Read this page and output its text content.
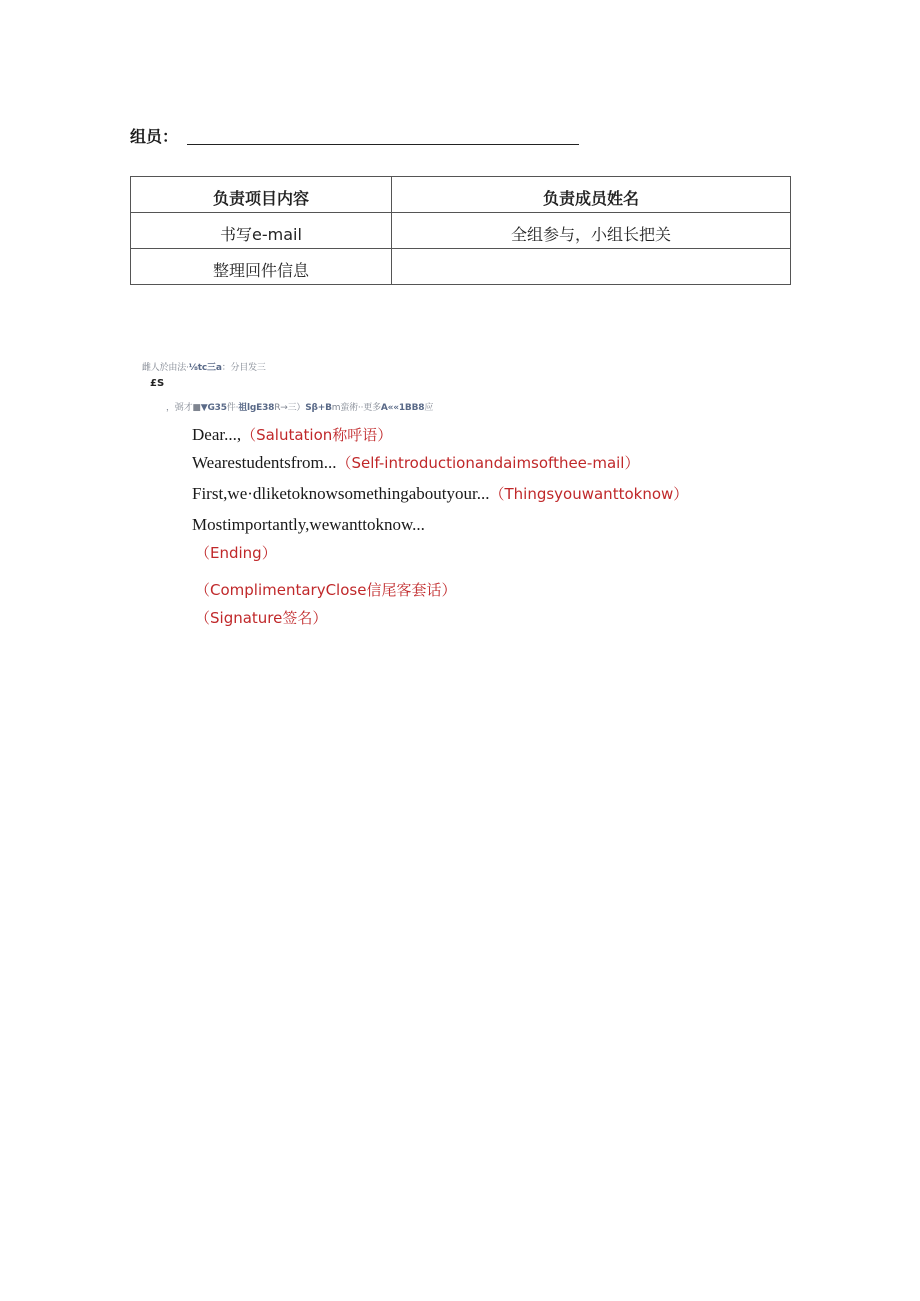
组员：
负责项目内容	负责成员姓名
书写e-mail	全组参与，小组长把关
整理回件信息	
雌人於由法·⅛tc三a：分目发三
£S
，弼才■▼G35件·祖lgE38R→三）Sβ+Bm蛮術··更多A««1BB8应
Dear...,（Salutation称呼语）
Wearestudentsfrom...（Self-introductionandaimsofthee-mail）
First,we·dliketoknowsomethingaboutyour...（Thingsyouwanttoknow）
Mostimportantly,wewanttoknow...
（Ending）
（ComplimentaryClose信尾客套话）
（Signature签名）
